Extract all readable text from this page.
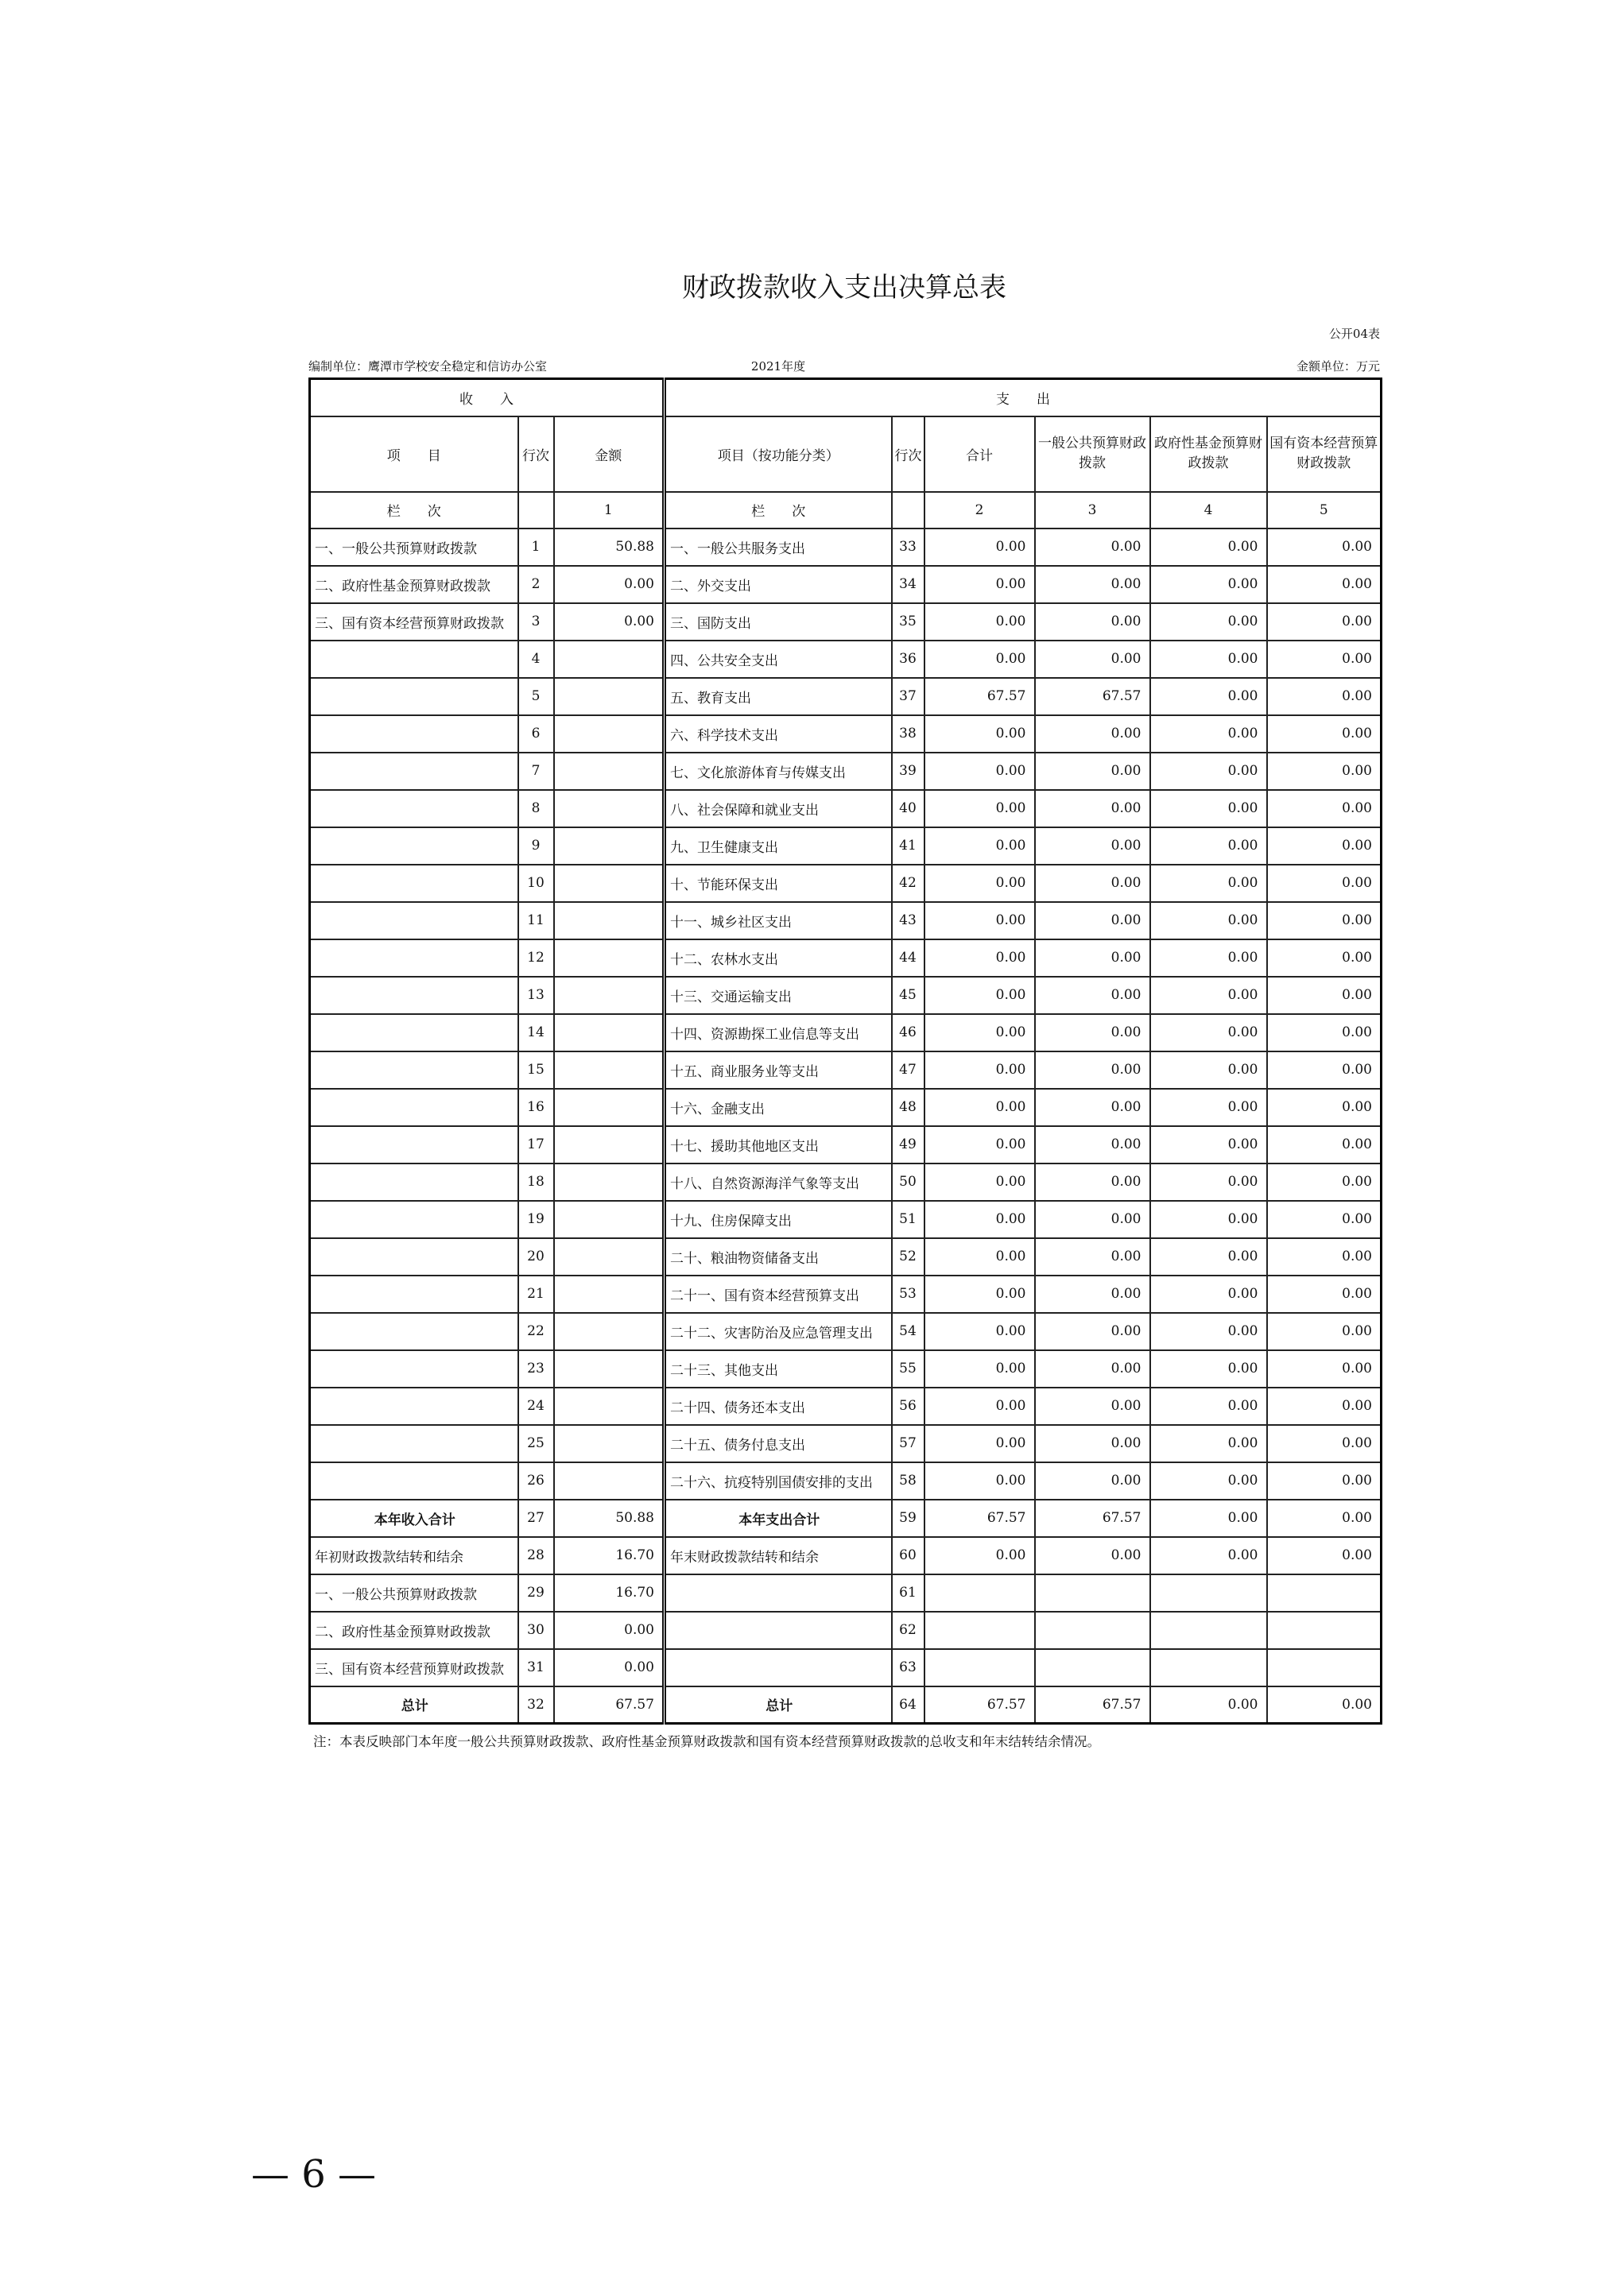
财政拨款收入支出决算总表
公开04表
编制单位：鹰潭市学校安全稳定和信访办公室	2021年度	金额单位：万元
收　　入			支　　出					
项　　目	行次	金额	项目（按功能分类）	行次	合计	一般公共预算财政拨款	政府性基金预算财政拨款	国有资本经营预算财政拨款
栏　　次		1	栏　　次		2	3	4	5
一、一般公共预算财政拨款	1	50.88	一、一般公共服务支出	33	0.00	0.00	0.00	0.00
二、政府性基金预算财政拨款	2	0.00	二、外交支出	34	0.00	0.00	0.00	0.00
三、国有资本经营预算财政拨款	3	0.00	三、国防支出	35	0.00	0.00	0.00	0.00
	4		四、公共安全支出	36	0.00	0.00	0.00	0.00
	5		五、教育支出	37	67.57	67.57	0.00	0.00
	6		六、科学技术支出	38	0.00	0.00	0.00	0.00
	7		七、文化旅游体育与传媒支出	39	0.00	0.00	0.00	0.00
	8		八、社会保障和就业支出	40	0.00	0.00	0.00	0.00
	9		九、卫生健康支出	41	0.00	0.00	0.00	0.00
	10		十、节能环保支出	42	0.00	0.00	0.00	0.00
	11		十一、城乡社区支出	43	0.00	0.00	0.00	0.00
	12		十二、农林水支出	44	0.00	0.00	0.00	0.00
	13		十三、交通运输支出	45	0.00	0.00	0.00	0.00
	14		十四、资源勘探工业信息等支出	46	0.00	0.00	0.00	0.00
	15		十五、商业服务业等支出	47	0.00	0.00	0.00	0.00
	16		十六、金融支出	48	0.00	0.00	0.00	0.00
	17		十七、援助其他地区支出	49	0.00	0.00	0.00	0.00
	18		十八、自然资源海洋气象等支出	50	0.00	0.00	0.00	0.00
	19		十九、住房保障支出	51	0.00	0.00	0.00	0.00
	20		二十、粮油物资储备支出	52	0.00	0.00	0.00	0.00
	21		二十一、国有资本经营预算支出	53	0.00	0.00	0.00	0.00
	22		二十二、灾害防治及应急管理支出	54	0.00	0.00	0.00	0.00
	23		二十三、其他支出	55	0.00	0.00	0.00	0.00
	24		二十四、债务还本支出	56	0.00	0.00	0.00	0.00
	25		二十五、债务付息支出	57	0.00	0.00	0.00	0.00
	26		二十六、抗疫特别国债安排的支出	58	0.00	0.00	0.00	0.00
本年收入合计	27	50.88	本年支出合计	59	67.57	67.57	0.00	0.00
年初财政拨款结转和结余	28	16.70	年末财政拨款结转和结余	60	0.00	0.00	0.00	0.00
一、一般公共预算财政拨款	29	16.70		61				
二、政府性基金预算财政拨款	30	0.00		62				
三、国有资本经营预算财政拨款	31	0.00		63				
总计	32	67.57	总计	64	67.57	67.57	0.00	0.00
注：本表反映部门本年度一般公共预算财政拨款、政府性基金预算财政拨款和国有资本经营预算财政拨款的总收支和年末结转结余情况。
— 6 —
